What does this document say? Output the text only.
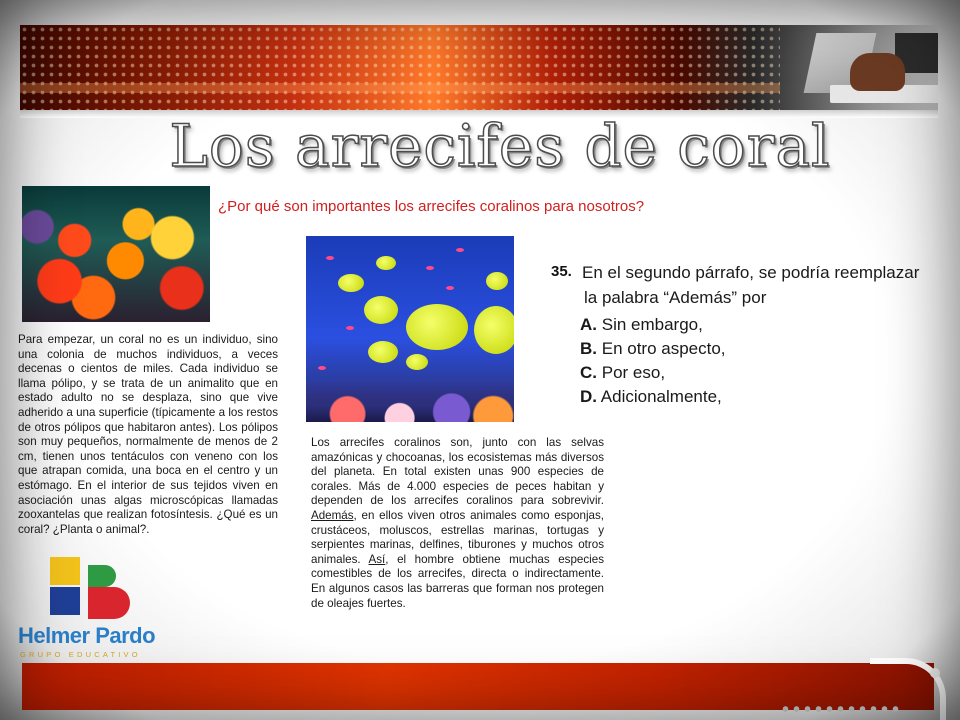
Los arrecifes de coral
¿Por qué son importantes los arrecifes coralinos para nosotros?
Para empezar, un coral no es un individuo, sino una colonia de muchos individuos, a veces decenas o cientos de miles. Cada individuo se llama pólipo, y se trata de un animalito que en estado adulto no se desplaza, sino que vive adherido a una superficie (típicamente a los restos de otros pólipos que habitaron antes). Los pólipos son muy pequeños, normalmente de menos de 2 cm, tienen unos tentáculos con veneno con los que atrapan comida, una boca en el centro y un estómago. En el interior de sus tejidos viven en asociación unas algas microscópicas llamadas zooxantelas que realizan fotosíntesis. ¿Qué es un coral? ¿Planta o animal?.
Los arrecifes coralinos son, junto con las selvas amazónicas y chocoanas, los ecosistemas más diversos del planeta. En total existen unas 900 especies de corales. Más de 4.000 especies de peces habitan y dependen de los arrecifes coralinos para sobrevivir. Además, en ellos viven otros animales como esponjas, crustáceos, moluscos, estrellas marinas, tortugas y serpientes marinas, delfines, tiburones y muchos otros animales. Así, el hombre obtiene muchas especies comestibles de los arrecifes, directa o indirectamente. En algunos casos las barreras que forman nos protegen de oleajes fuertes.
35. En el segundo párrafo, se podría reemplazar
la palabra “Además” por
A. Sin embargo,
B. En otro aspecto,
C. Por eso,
D. Adicionalmente,
Helmer Pardo
GRUPO EDUCATIVO
